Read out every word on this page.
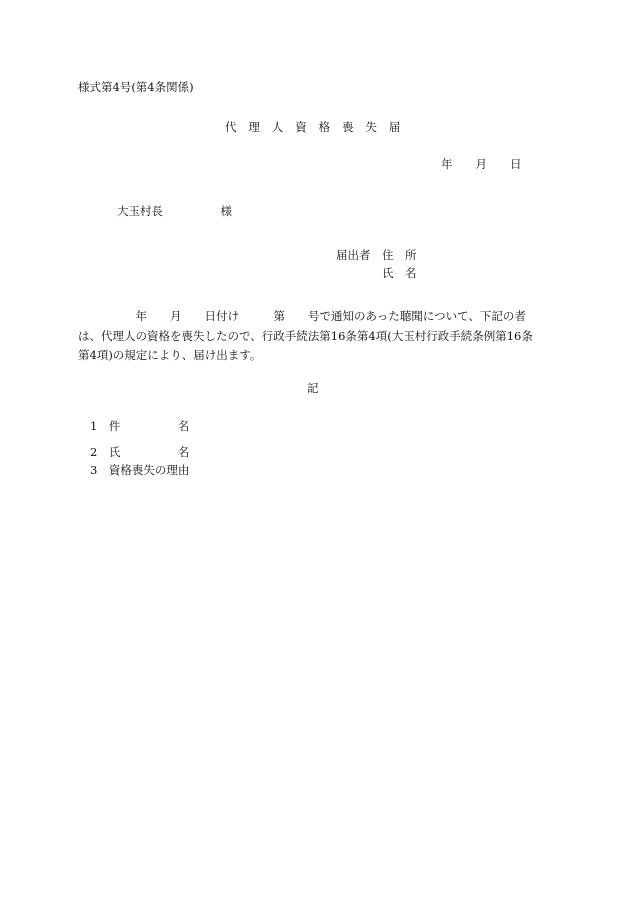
様式第4号(第4条関係)
代　理　人　資　格　喪　失　届
年　　月　　日
大玉村長　　　　　様
届出者　住　所
氏　名
　　　　　年　　月　　日付け　　　第　　号で通知のあった聴聞について、下記の者
は、代理人の資格を喪失したので、行政手続法第16条第4項(大玉村行政手続条例第16条
第4項)の規定により、届け出ます。
記
1　件　　　　　名
2　氏　　　　　名
3　資格喪失の理由
